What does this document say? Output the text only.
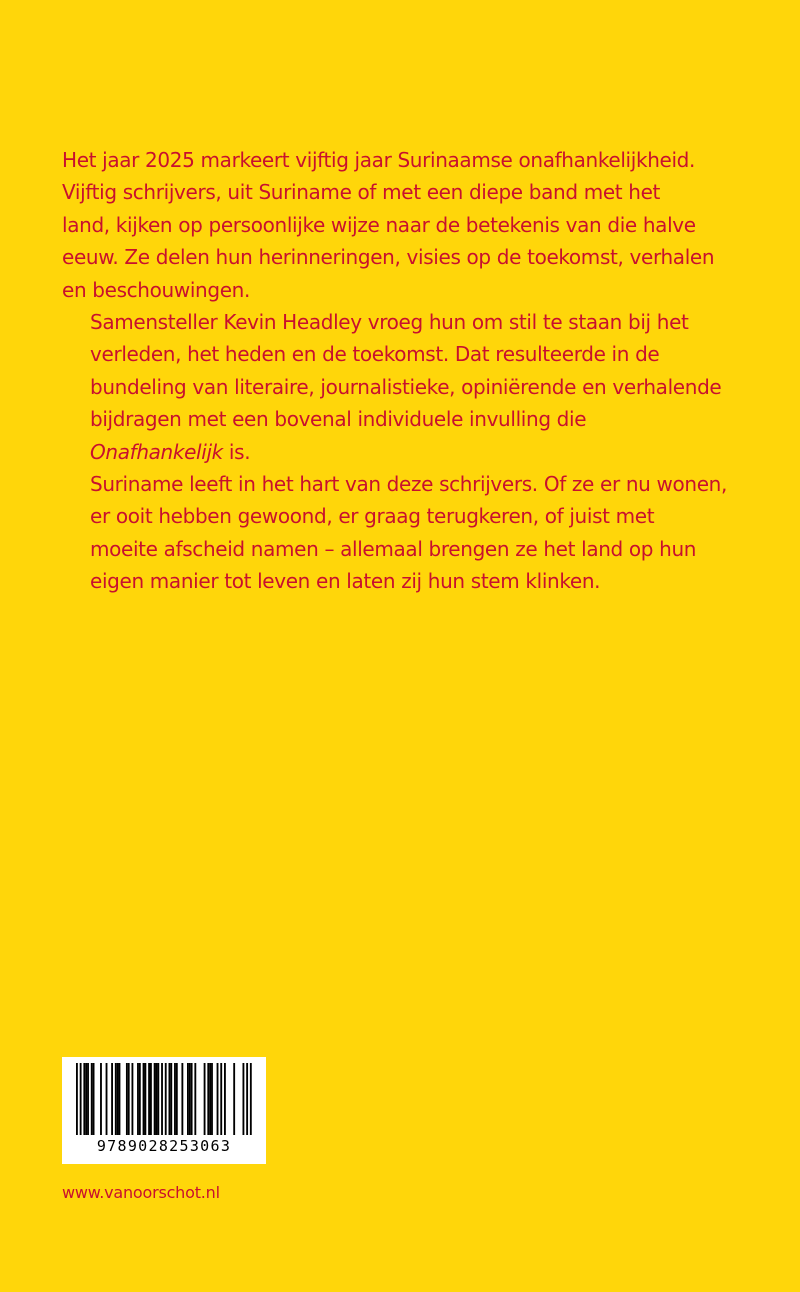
Het jaar 2025 markeert vijftig jaar Surinaamse onafhankelijkheid.
Vijftig schrijvers, uit Suriname of met een diepe band met het
land, kijken op persoonlijke wijze naar de betekenis van die halve
eeuw. Ze delen hun herinneringen, visies op de toekomst, verhalen
en beschouwingen.

Samensteller Kevin Headley vroeg hun om stil te staan bij het
verleden, het heden en de toekomst. Dat resulteerde in de
bundeling van literaire, journalistieke, opiniërende en verhalende
bijdragen met een bovenal individuele invulling die
Onafhankelijk is.

Suriname leeft in het hart van deze schrijvers. Of ze er nu wonen,
er ooit hebben gewoond, er graag terugkeren, of juist met
moeite afscheid namen – allemaal brengen ze het land op hun
eigen manier tot leven en laten zij hun stem klinken.

9789028253063
www.vanoorschot.nl
